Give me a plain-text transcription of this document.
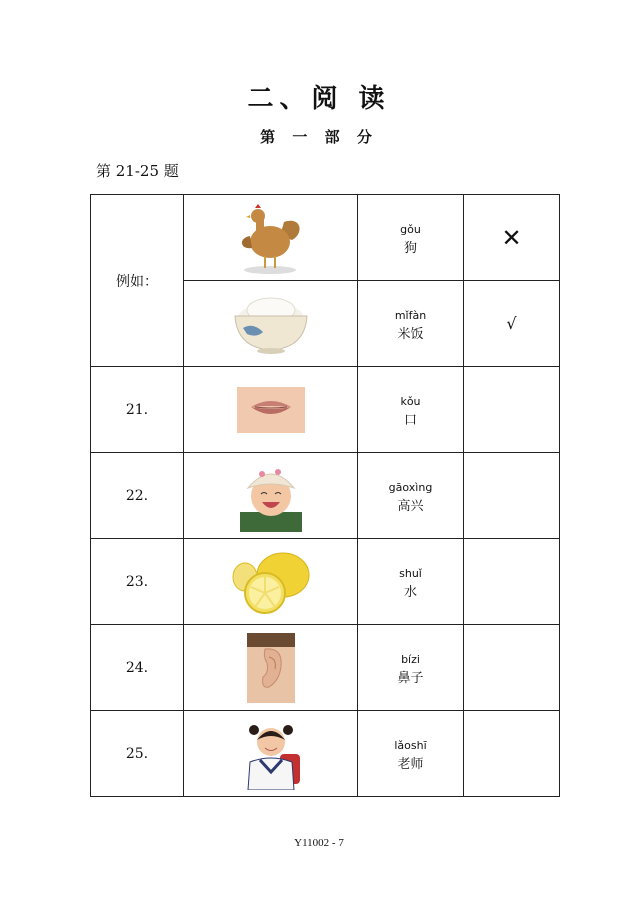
二、阅 读
第 一 部 分
第 21-25 题
例如：		gǒu
狗	✕

mǐfàn
米饭	√
21.		kǒu
口	

22.		gāoxìng
高兴	

23.		shuǐ
水	

24.		bízi
鼻子	

25.		lǎoshī
老师	

Y11002 - 7
